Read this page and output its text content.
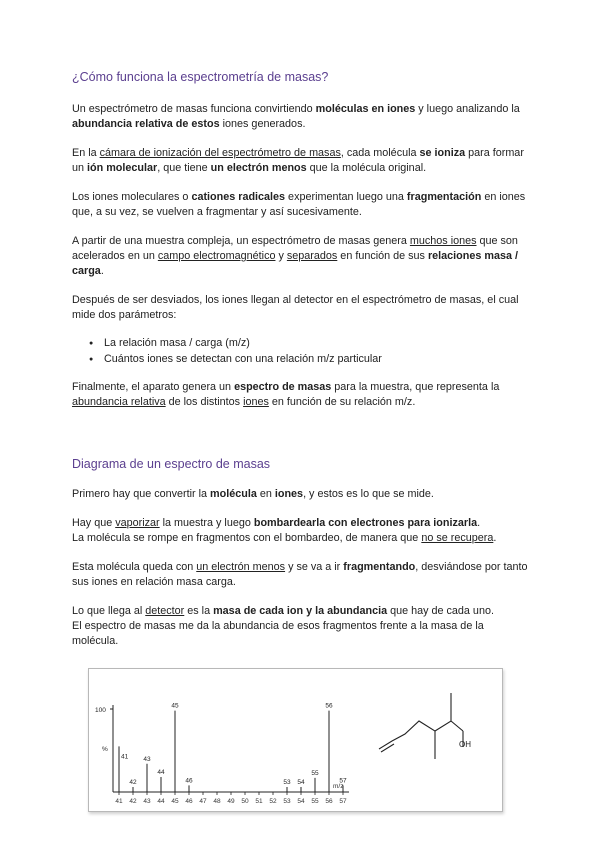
¿Cómo funciona la espectrometría de masas?

Un espectrómetro de masas funciona convirtiendo moléculas en iones y luego analizando la abundancia relativa de estos iones generados.

En la cámara de ionización del espectrómetro de masas, cada molécula se ioniza para formar un ión molecular, que tiene un electrón menos que la molécula original.

Los iones moleculares o cationes radicales experimentan luego una fragmentación en iones que, a su vez, se vuelven a fragmentar y así sucesivamente.

A partir de una muestra compleja, un espectrómetro de masas genera muchos iones que son acelerados en un campo electromagnético y separados en función de sus relaciones masa / carga.

Después de ser desviados, los iones llegan al detector en el espectrómetro de masas, el cual mide dos parámetros:

● La relación masa / carga (m/z)
● Cuántos iones se detectan con una relación m/z particular

Finalmente, el aparato genera un espectro de masas para la muestra, que representa la abundancia relativa de los distintos iones en función de su relación m/z.

Diagrama de un espectro de masas

Primero hay que convertir la molécula en iones, y estos es lo que se mide.

Hay que vaporizar la muestra y luego bombardearla con electrones para ionizarla.
La molécula se rompe en fragmentos con el bombardeo, de manera que no se recupera.

Esta molécula queda con un electrón menos y se va a ir fragmentando, desviándose por tanto sus iones en relación masa carga.

Lo que llega al detector es la masa de cada ion y la abundancia que hay de cada uno.
El espectro de masas me da la abundancia de esos fragmentos frente a la masa de la molécula.

100
%
41 42 43 44 45 46 47 48 49 50 51 52 53 54 55 56 57
m/z
41
42
43
44
45
46	53 54
55
56
57
OH
